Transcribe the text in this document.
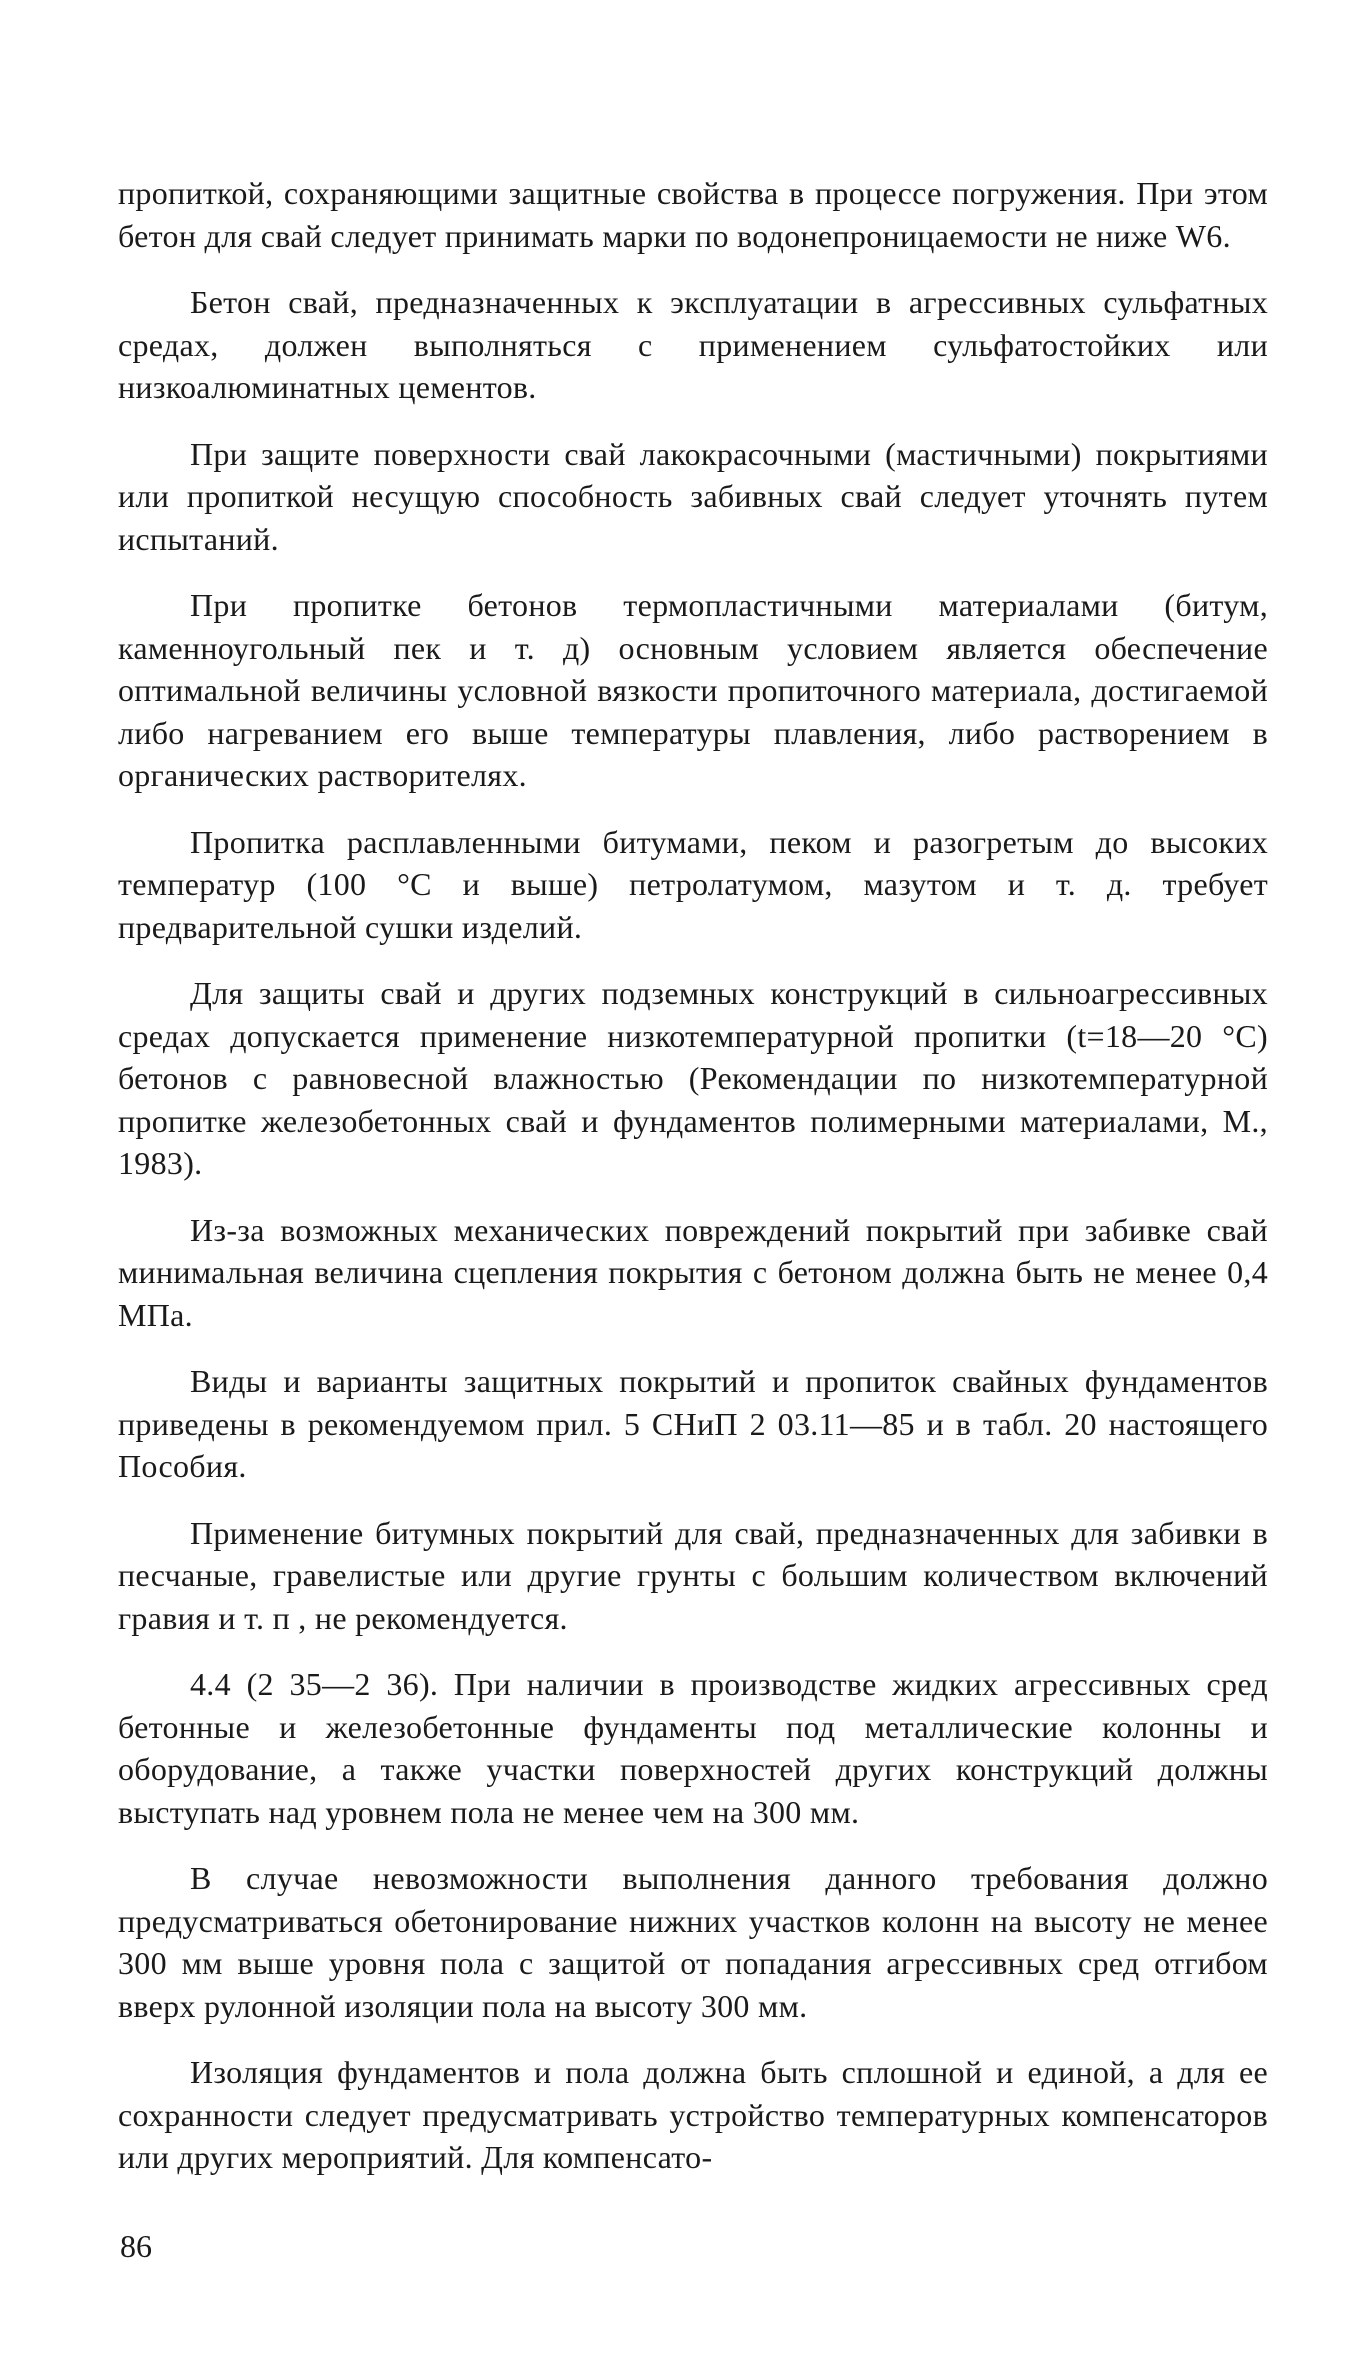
пропиткой, сохраняющими защитные свойства в процессе погружения. При этом бетон для свай следует принимать марки по водонепроницаемости не ниже W6.

Бетон свай, предназначенных к эксплуатации в агрессивных сульфатных средах, должен выполняться с применением сульфатостойких или низкоалюминатных цементов.

При защите поверхности свай лакокрасочными (мастичными) покрытиями или пропиткой несущую способность забивных свай следует уточнять путем испытаний.

При пропитке бетонов термопластичными материалами (битум, каменноугольный пек и т. д) основным условием является обеспечение оптимальной величины условной вязкости пропиточного материала, достигаемой либо нагреванием его выше температуры плавления, либо растворением в органических растворителях.

Пропитка расплавленными битумами, пеком и разогретым до высоких температур (100 °С и выше) петролатумом, мазутом и т. д. требует предварительной сушки изделий.

Для защиты свай и других подземных конструкций в сильноагрессивных средах допускается применение низкотемпературной пропитки (t=18—20 °С) бетонов с равновесной влажностью (Рекомендации по низкотемпературной пропитке железобетонных свай и фундаментов полимерными материалами, М., 1983).

Из-за возможных механических повреждений покрытий при забивке свай минимальная величина сцепления покрытия с бетоном должна быть не менее 0,4 МПа.

Виды и варианты защитных покрытий и пропиток свайных фундаментов приведены в рекомендуемом прил. 5 СНиП 2 03.11—85 и в табл. 20 настоящего Пособия.

Применение битумных покрытий для свай, предназначенных для забивки в песчаные, гравелистые или другие грунты с большим количеством включений гравия и т. п , не рекомендуется.

4.4 (2 35—2 36). При наличии в производстве жидких агрессивных сред бетонные и железобетонные фундаменты под металлические колонны и оборудование, а также участки поверхностей других конструкций должны выступать над уровнем пола не менее чем на 300 мм.

В случае невозможности выполнения данного требования должно предусматриваться обетонирование нижних участков колонн на высоту не менее 300 мм выше уровня пола с защитой от попадания агрессивных сред отгибом вверх рулонной изоляции пола на высоту 300 мм.

Изоляция фундаментов и пола должна быть сплошной и единой, а для ее сохранности следует предусматривать устройство температурных компенсаторов или других мероприятий. Для компенсато-

86
